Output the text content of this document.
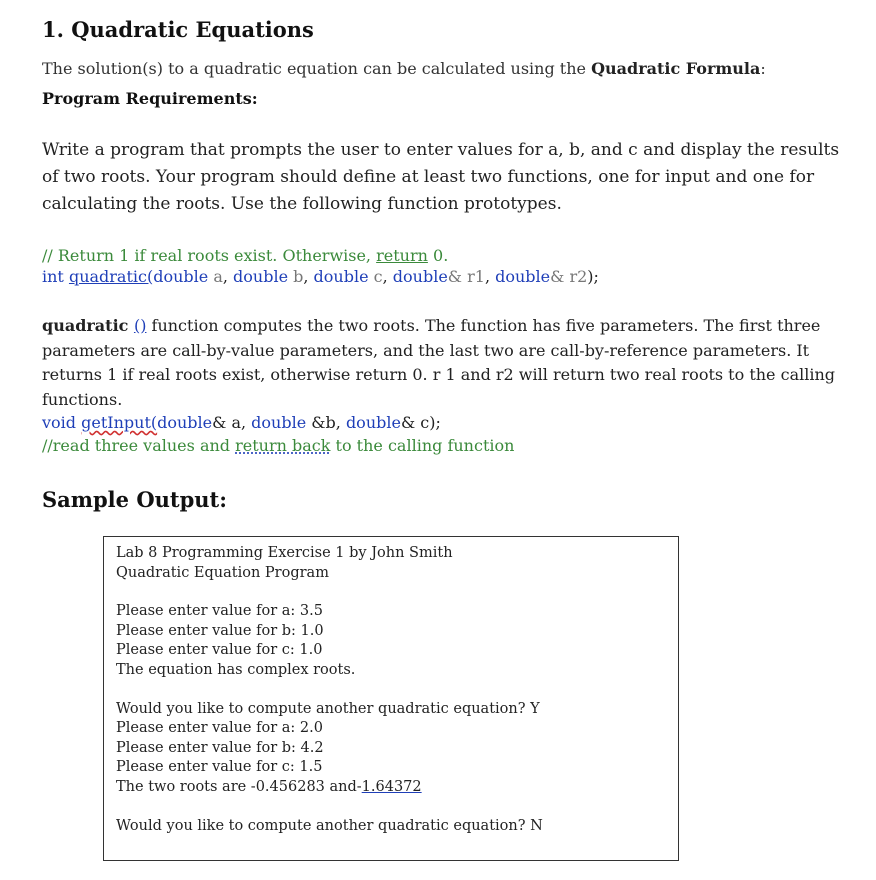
1. Quadratic Equations
The solution(s) to a quadratic equation can be calculated using the Quadratic Formula:
Program Requirements:
Write a program that prompts the user to enter values for a, b, and c and display the results of two roots. Your program should define at least two functions, one for input and one for calculating the roots. Use the following function prototypes.
// Return 1 if real roots exist. Otherwise, return 0.
int quadratic(double a, double b, double c, double& r1, double& r2);
quadratic () function computes the two roots. The function has five parameters. The first three parameters are call-by-value parameters, and the last two are call-by-reference parameters. It returns 1 if real roots exist, otherwise return 0. r 1 and r2 will return two real roots to the calling functions.
void getInput(double& a, double &b, double& c);
//read three values and return back to the calling function
Sample Output:
Lab 8 Programming Exercise 1 by John Smith
Quadratic Equation Program
Please enter value for a: 3.5
Please enter value for b: 1.0
Please enter value for c: 1.0
The equation has complex roots.
Would you like to compute another quadratic equation? Y
Please enter value for a: 2.0
Please enter value for b: 4.2
Please enter value for c: 1.5
The two roots are -0.456283 and-1.64372
Would you like to compute another quadratic equation? N
